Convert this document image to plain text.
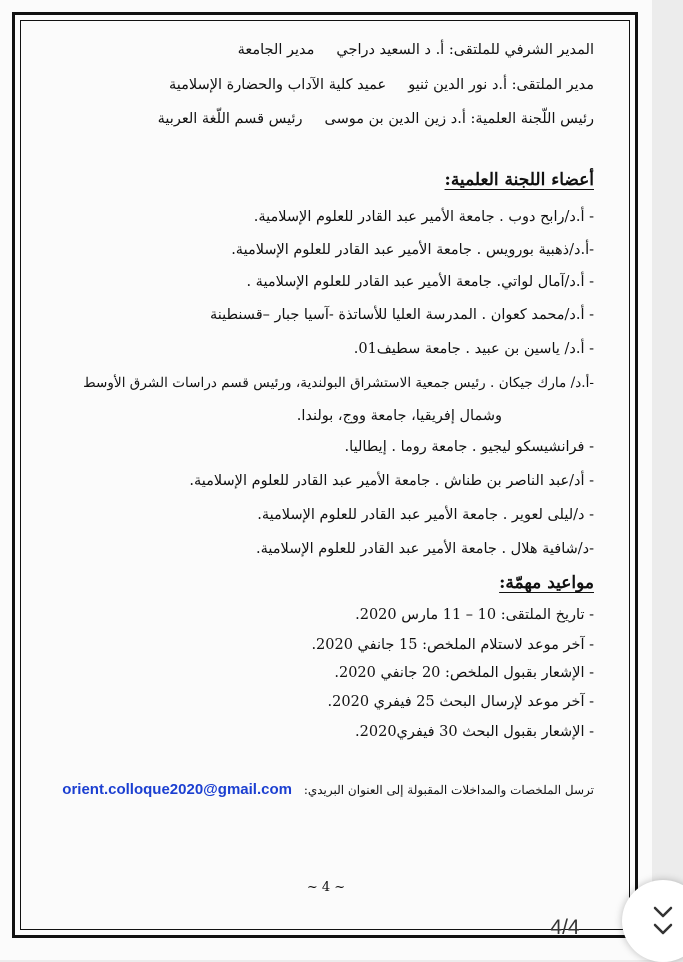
المدير الشرفي للملتقى: أ. د السعيد دراجيمدير الجامعة
مدير الملتقى: أ.د نور الدين ثنيوعميد كلية الآداب والحضارة الإسلامية
رئيس اللّجنة العلمية: أ.د زين الدين بن موسىرئيس قسم اللّغة العربية
أعضاء اللجنة العلمية:
- أ.د/رابح دوب . جامعة الأمير عبد القادر للعلوم الإسلامية.
-أ.د/ذهبية بورويس . جامعة الأمير عبد القادر للعلوم الإسلامية.
- أ.د/آمال لواتي. جامعة الأمير عبد القادر للعلوم الإسلامية .
- أ.د/محمد كعوان . المدرسة العليا للأساتذة -آسيا جبار –قسنطينة
- أ.د/ ياسين بن عبيد . جامعة سطيف01.
-أ.د/ مارك جيكان . رئيس جمعية الاستشراق البولندية، ورئيس قسم دراسات الشرق الأوسط
وشمال إفريقيا، جامعة ووج، بولندا.
- فرانشيسكو ليجيو . جامعة روما . إيطاليا.
- أد/عبد الناصر بن طناش . جامعة الأمير عبد القادر للعلوم الإسلامية.
- د/ليلى لعوير . جامعة الأمير عبد القادر للعلوم الإسلامية.
-د/شافية هلال . جامعة الأمير عبد القادر للعلوم الإسلامية.
مواعيد مهمّة:
- تاريخ الملتقى: 10 – 11 مارس 2020.
- آخر موعد لاستلام الملخص: 15 جانفي 2020.
- الإشعار بقبول الملخص: 20 جانفي 2020.
- آخر موعد لإرسال البحث 25 فيفري 2020.
- الإشعار بقبول البحث 30 فيفري2020.
ترسل الملخصات والمداخلات المقبولة إلى العنوان البريدي: orient.colloque2020@gmail.com
~ 4 ~
4/4
